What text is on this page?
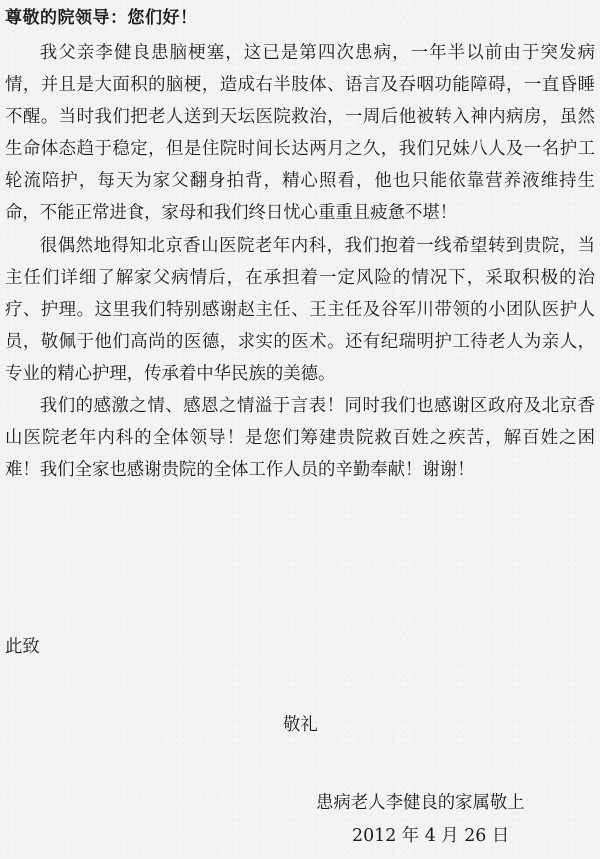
尊敬的院领导：您们好！

我父亲李健良患脑梗塞，这已是第四次患病，一年半以前由于突发病情，并且是大面积的脑梗，造成右半肢体、语言及吞咽功能障碍，一直昏睡不醒。当时我们把老人送到天坛医院救治，一周后他被转入神内病房，虽然生命体态趋于稳定，但是住院时间长达两月之久，我们兄妹八人及一名护工轮流陪护，每天为家父翻身拍背，精心照看，他也只能依靠营养液维持生命，不能正常进食，家母和我们终日忧心重重且疲惫不堪！

很偶然地得知北京香山医院老年内科，我们抱着一线希望转到贵院，当主任们详细了解家父病情后，在承担着一定风险的情况下，采取积极的治疗、护理。这里我们特别感谢赵主任、王主任及谷军川带领的小团队医护人员，敬佩于他们高尚的医德，求实的医术。还有纪瑞明护工待老人为亲人，专业的精心护理，传承着中华民族的美德。

我们的感激之情、感恩之情溢于言表！同时我们也感谢区政府及北京香山医院老年内科的全体领导！是您们筹建贵院救百姓之疾苦，解百姓之困难！我们全家也感谢贵院的全体工作人员的辛勤奉献！谢谢！

此致
敬礼
患病老人李健良的家属敬上
2012 年 4 月 26 日
